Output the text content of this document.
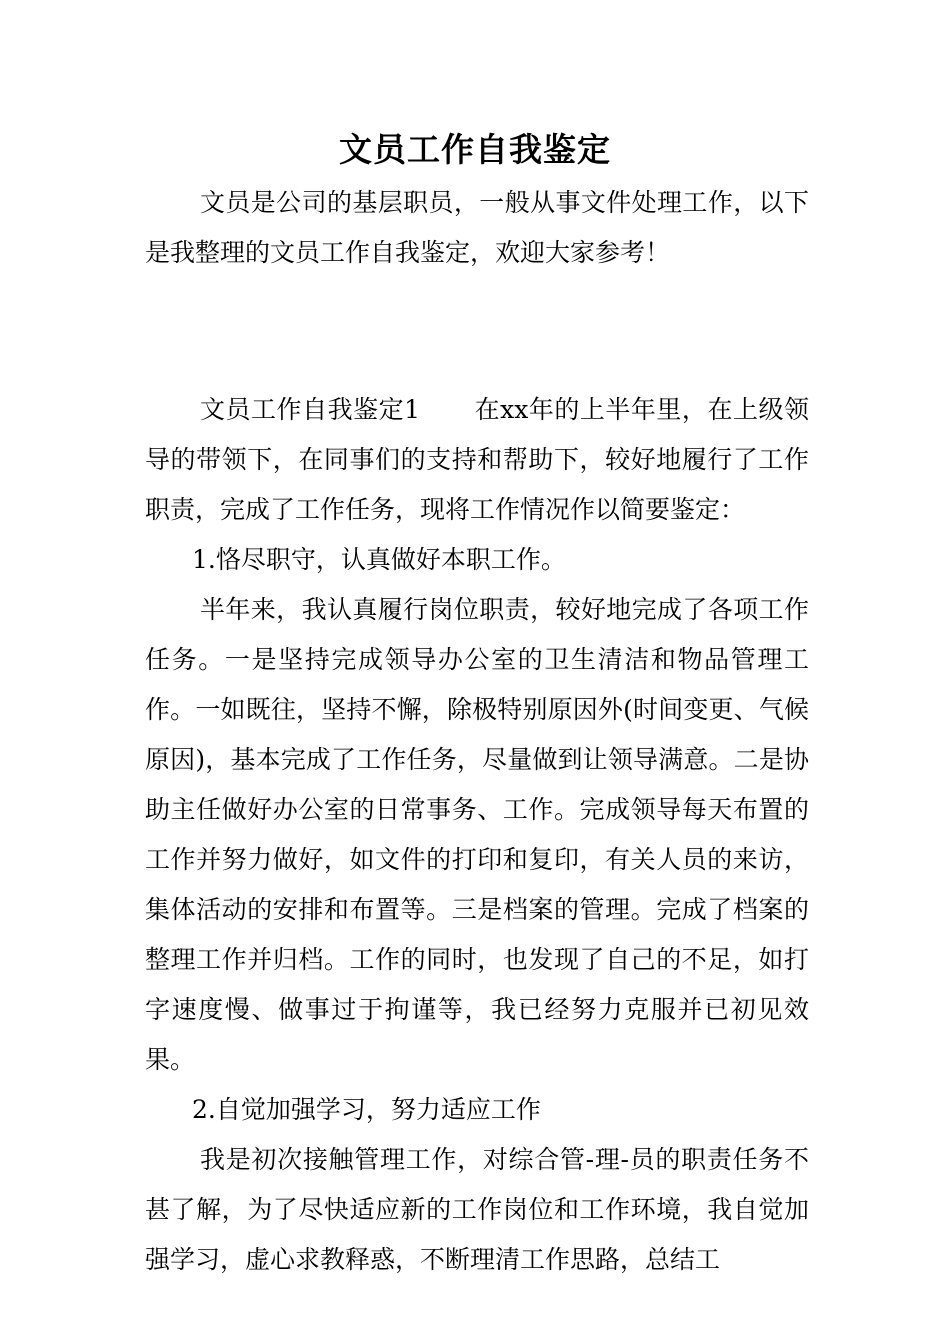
文员工作自我鉴定

文员是公司的基层职员，一般从事文件处理工作，以下是我整理的文员工作自我鉴定，欢迎大家参考！

文员工作自我鉴定1 在xx年的上半年里，在上级领导的带领下，在同事们的支持和帮助下，较好地履行了工作职责，完成了工作任务，现将工作情况作以简要鉴定：

1.恪尽职守，认真做好本职工作。

半年来，我认真履行岗位职责，较好地完成了各项工作任务。一是坚持完成领导办公室的卫生清洁和物品管理工作。一如既往，坚持不懈，除极特别原因外(时间变更、气候原因)，基本完成了工作任务，尽量做到让领导满意。二是协助主任做好办公室的日常事务、工作。完成领导每天布置的工作并努力做好，如文件的打印和复印，有关人员的来访，集体活动的安排和布置等。三是档案的管理。完成了档案的整理工作并归档。工作的同时，也发现了自己的不足，如打字速度慢、做事过于拘谨等，我已经努力克服并已初见效果。

2.自觉加强学习，努力适应工作

我是初次接触管理工作，对综合管-理-员的职责任务不甚了解，为了尽快适应新的工作岗位和工作环境，我自觉加强学习，虚心求教释惑，不断理清工作思路，总结工
